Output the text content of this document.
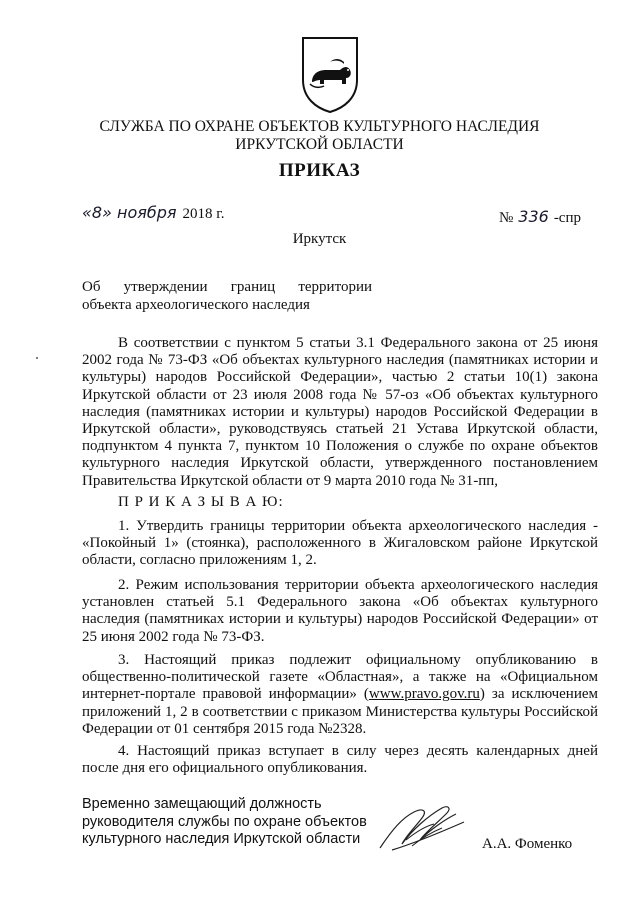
СЛУЖБА ПО ОХРАНЕ ОБЪЕКТОВ КУЛЬТУРНОГО НАСЛЕДИЯ
ИРКУТСКОЙ ОБЛАСТИ
ПРИКАЗ
«8» ноября 2018 г.	№ 336 -спр
Иркутск
Об утверждении границ территории
объекта археологического наследия

В соответствии с пунктом 5 статьи 3.1 Федерального закона от 25 июня 2002 года № 73-ФЗ «Об объектах культурного наследия (памятниках истории и культуры) народов Российской Федерации», частью 2 статьи 10(1) закона Иркутской области от 23 июля 2008 года № 57-оз «Об объектах культурного наследия (памятниках истории и культуры) народов Российской Федерации в Иркутской области», руководствуясь статьей 21 Устава Иркутской области, подпунктом 4 пункта 7, пунктом 10 Положения о службе по охране объектов культурного наследия Иркутской области, утвержденного постановлением Правительства Иркутской области от 9 марта 2010 года № 31-пп,

П Р И К А З Ы В А Ю:

1. Утвердить границы территории объекта археологического наследия - «Покойный 1» (стоянка), расположенного в Жигаловском районе Иркутской области, согласно приложениям 1, 2.

2. Режим использования территории объекта археологического наследия установлен статьей 5.1 Федерального закона «Об объектах культурного наследия (памятниках истории и культуры) народов Российской Федерации» от 25 июня 2002 года № 73-ФЗ.

3. Настоящий приказ подлежит официальному опубликованию в общественно-политической газете «Областная», а также на «Официальном интернет-портале правовой информации» (www.pravo.gov.ru) за исключением приложений 1, 2 в соответствии с приказом Министерства культуры Российской Федерации от 01 сентября 2015 года №2328.

4. Настоящий приказ вступает в силу через десять календарных дней после дня его официального опубликования.

Временно замещающий должность
руководителя службы по охране объектов
культурного наследия Иркутской области	А.А. Фоменко
